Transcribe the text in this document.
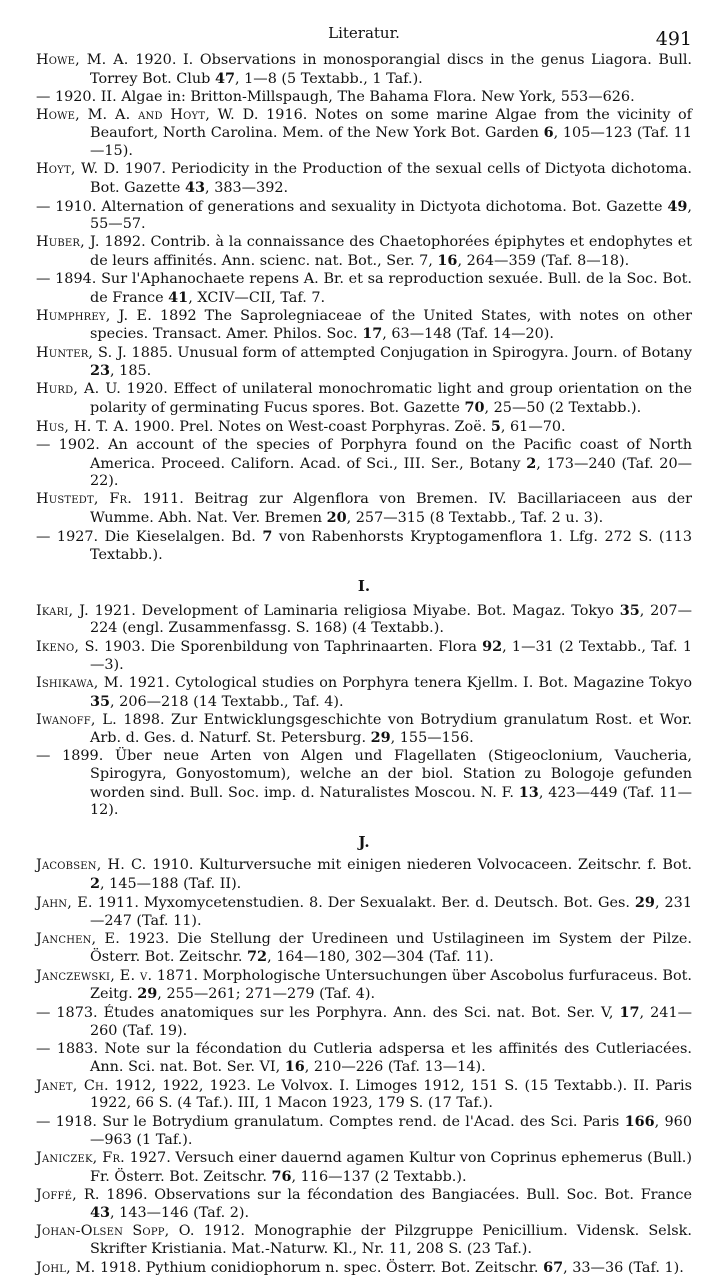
Literatur.	491

Howe, M. A. 1920. I. Observations in monosporangial discs in the genus Liagora. Bull. Torrey Bot. Club 47, 1—8 (5 Textabb., 1 Taf.).

— 1920. II. Algae in: Britton-Millspaugh, The Bahama Flora. New York, 553—626.

Howe, M. A. and Hoyt, W. D. 1916. Notes on some marine Algae from the vicinity of Beaufort, North Carolina. Mem. of the New York Bot. Garden 6, 105—123 (Taf. 11—15).

Hoyt, W. D. 1907. Periodicity in the Production of the sexual cells of Dictyota dichotoma. Bot. Gazette 43, 383—392.

— 1910. Alternation of generations and sexuality in Dictyota dichotoma. Bot. Gazette 49, 55—57.

Huber, J. 1892. Contrib. à la connaissance des Chaetophorées épiphytes et endophytes et de leurs affinités. Ann. scienc. nat. Bot., Ser. 7, 16, 264—359 (Taf. 8—18).

— 1894. Sur l'Aphanochaete repens A. Br. et sa reproduction sexuée. Bull. de la Soc. Bot. de France 41, XCIV—CII, Taf. 7.

Humphrey, J. E. 1892 The Saprolegniaceae of the United States, with notes on other species. Transact. Amer. Philos. Soc. 17, 63—148 (Taf. 14—20).

Hunter, S. J. 1885. Unusual form of attempted Conjugation in Spirogyra. Journ. of Botany 23, 185.

Hurd, A. U. 1920. Effect of unilateral monochromatic light and group orientation on the polarity of germinating Fucus spores. Bot. Gazette 70, 25—50 (2 Textabb.).

Hus, H. T. A. 1900. Prel. Notes on West-coast Porphyras. Zoë. 5, 61—70.

— 1902. An account of the species of Porphyra found on the Pacific coast of North America. Proceed. Californ. Acad. of Sci., III. Ser., Botany 2, 173—240 (Taf. 20—22).

Hustedt, Fr. 1911. Beitrag zur Algenflora von Bremen. IV. Bacillariaceen aus der Wumme. Abh. Nat. Ver. Bremen 20, 257—315 (8 Textabb., Taf. 2 u. 3).

— 1927. Die Kieselalgen. Bd. 7 von Rabenhorsts Kryptogamenflora 1. Lfg. 272 S. (113 Textabb.).

I.

Ikari, J. 1921. Development of Laminaria religiosa Miyabe. Bot. Magaz. Tokyo 35, 207—224 (engl. Zusammenfassg. S. 168) (4 Textabb.).

Ikeno, S. 1903. Die Sporenbildung von Taphrinaarten. Flora 92, 1—31 (2 Textabb., Taf. 1—3).

Ishikawa, M. 1921. Cytological studies on Porphyra tenera Kjellm. I. Bot. Magazine Tokyo 35, 206—218 (14 Textabb., Taf. 4).

Iwanoff, L. 1898. Zur Entwicklungsgeschichte von Botrydium granulatum Rost. et Wor. Arb. d. Ges. d. Naturf. St. Petersburg. 29, 155—156.

— 1899. Über neue Arten von Algen und Flagellaten (Stigeoclonium, Vaucheria, Spirogyra, Gonyostomum), welche an der biol. Station zu Bologoje gefunden worden sind. Bull. Soc. imp. d. Naturalistes Moscou. N. F. 13, 423—449 (Taf. 11—12).

J.

Jacobsen, H. C. 1910. Kulturversuche mit einigen niederen Volvocaceen. Zeitschr. f. Bot. 2, 145—188 (Taf. II).

Jahn, E. 1911. Myxomycetenstudien. 8. Der Sexualakt. Ber. d. Deutsch. Bot. Ges. 29, 231—247 (Taf. 11).

Janchen, E. 1923. Die Stellung der Uredineen und Ustilagineen im System der Pilze. Österr. Bot. Zeitschr. 72, 164—180, 302—304 (Taf. 11).

Janczewski, E. v. 1871. Morphologische Untersuchungen über Ascobolus furfuraceus. Bot. Zeitg. 29, 255—261; 271—279 (Taf. 4).

— 1873. Études anatomiques sur les Porphyra. Ann. des Sci. nat. Bot. Ser. V, 17, 241—260 (Taf. 19).

— 1883. Note sur la fécondation du Cutleria adspersa et les affinités des Cutleriacées. Ann. Sci. nat. Bot. Ser. VI, 16, 210—226 (Taf. 13—14).

Janet, Ch. 1912, 1922, 1923. Le Volvox. I. Limoges 1912, 151 S. (15 Textabb.). II. Paris 1922, 66 S. (4 Taf.). III, 1 Macon 1923, 179 S. (17 Taf.).

— 1918. Sur le Botrydium granulatum. Comptes rend. de l'Acad. des Sci. Paris 166, 960—963 (1 Taf.).

Janiczek, Fr. 1927. Versuch einer dauernd agamen Kultur von Coprinus ephemerus (Bull.) Fr. Österr. Bot. Zeitschr. 76, 116—137 (2 Textabb.).

Joffé, R. 1896. Observations sur la fécondation des Bangiacées. Bull. Soc. Bot. France 43, 143—146 (Taf. 2).

Johan-Olsen Sopp, O. 1912. Monographie der Pilzgruppe Penicillium. Vidensk. Selsk. Skrifter Kristiania. Mat.-Naturw. Kl., Nr. 11, 208 S. (23 Taf.).

Johl, M. 1918. Pythium conidiophorum n. spec. Österr. Bot. Zeitschr. 67, 33—36 (Taf. 1).
